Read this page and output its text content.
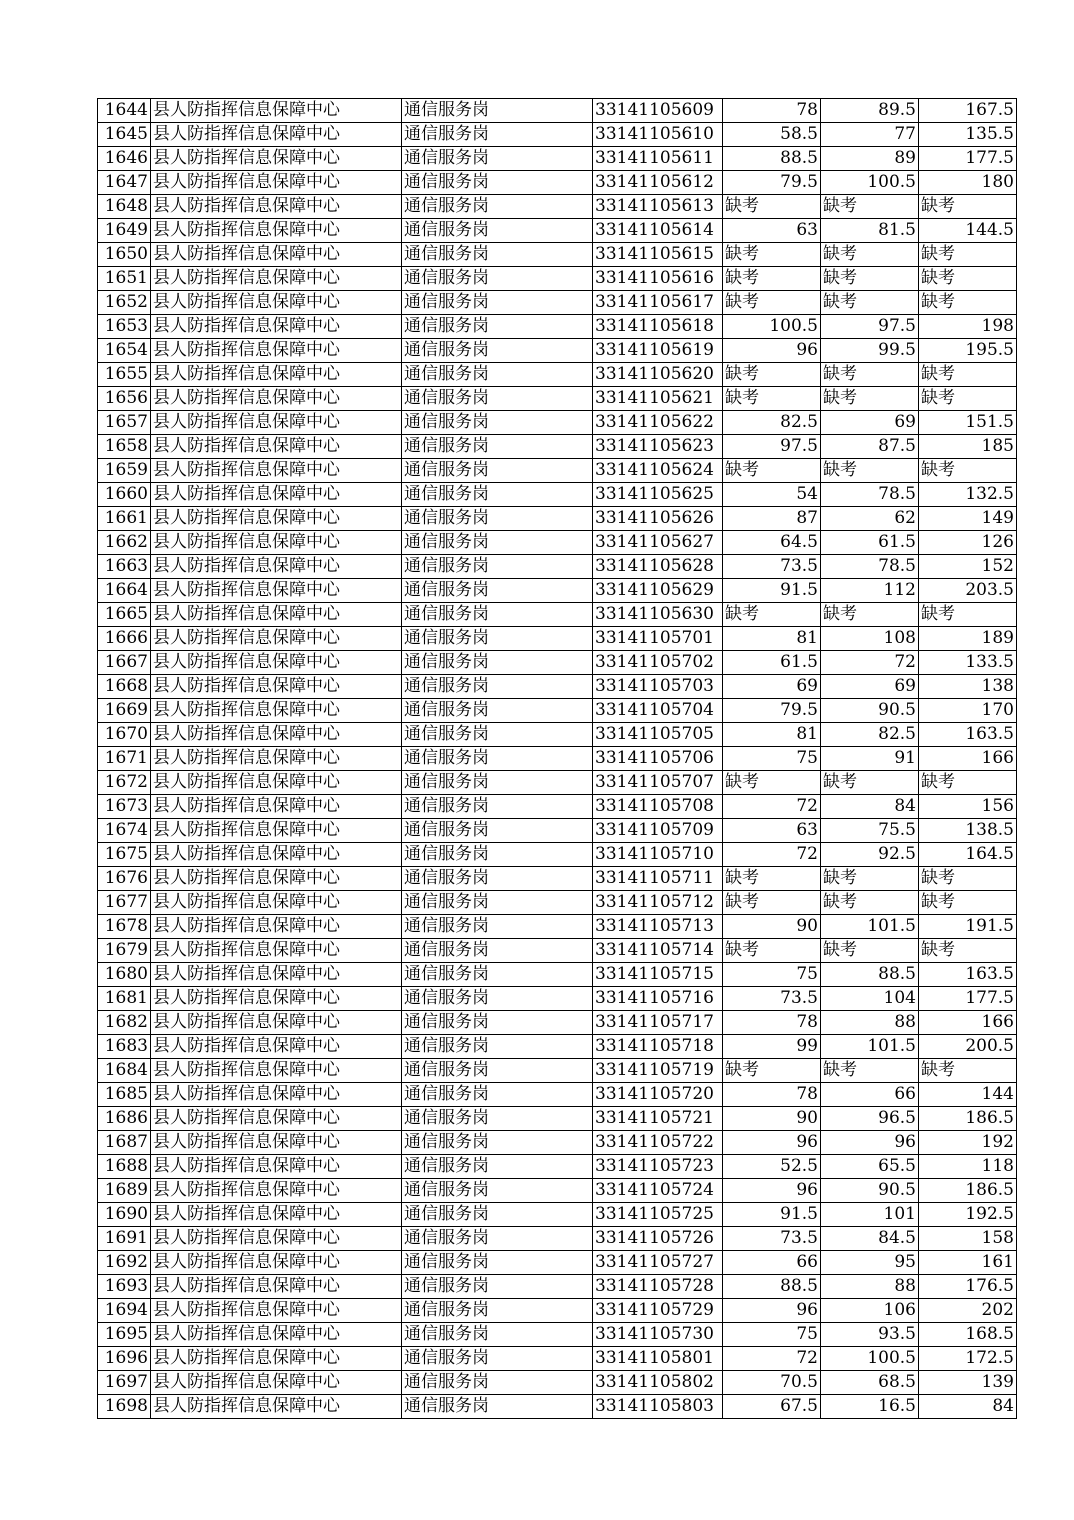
1644	县人防指挥信息保障中心	通信服务岗	33141105609	78	89.5	167.5
1645	县人防指挥信息保障中心	通信服务岗	33141105610	58.5	77	135.5
1646	县人防指挥信息保障中心	通信服务岗	33141105611	88.5	89	177.5
1647	县人防指挥信息保障中心	通信服务岗	33141105612	79.5	100.5	180
1648	县人防指挥信息保障中心	通信服务岗	33141105613	缺考	缺考	缺考
1649	县人防指挥信息保障中心	通信服务岗	33141105614	63	81.5	144.5
1650	县人防指挥信息保障中心	通信服务岗	33141105615	缺考	缺考	缺考
1651	县人防指挥信息保障中心	通信服务岗	33141105616	缺考	缺考	缺考
1652	县人防指挥信息保障中心	通信服务岗	33141105617	缺考	缺考	缺考
1653	县人防指挥信息保障中心	通信服务岗	33141105618	100.5	97.5	198
1654	县人防指挥信息保障中心	通信服务岗	33141105619	96	99.5	195.5
1655	县人防指挥信息保障中心	通信服务岗	33141105620	缺考	缺考	缺考
1656	县人防指挥信息保障中心	通信服务岗	33141105621	缺考	缺考	缺考
1657	县人防指挥信息保障中心	通信服务岗	33141105622	82.5	69	151.5
1658	县人防指挥信息保障中心	通信服务岗	33141105623	97.5	87.5	185
1659	县人防指挥信息保障中心	通信服务岗	33141105624	缺考	缺考	缺考
1660	县人防指挥信息保障中心	通信服务岗	33141105625	54	78.5	132.5
1661	县人防指挥信息保障中心	通信服务岗	33141105626	87	62	149
1662	县人防指挥信息保障中心	通信服务岗	33141105627	64.5	61.5	126
1663	县人防指挥信息保障中心	通信服务岗	33141105628	73.5	78.5	152
1664	县人防指挥信息保障中心	通信服务岗	33141105629	91.5	112	203.5
1665	县人防指挥信息保障中心	通信服务岗	33141105630	缺考	缺考	缺考
1666	县人防指挥信息保障中心	通信服务岗	33141105701	81	108	189
1667	县人防指挥信息保障中心	通信服务岗	33141105702	61.5	72	133.5
1668	县人防指挥信息保障中心	通信服务岗	33141105703	69	69	138
1669	县人防指挥信息保障中心	通信服务岗	33141105704	79.5	90.5	170
1670	县人防指挥信息保障中心	通信服务岗	33141105705	81	82.5	163.5
1671	县人防指挥信息保障中心	通信服务岗	33141105706	75	91	166
1672	县人防指挥信息保障中心	通信服务岗	33141105707	缺考	缺考	缺考
1673	县人防指挥信息保障中心	通信服务岗	33141105708	72	84	156
1674	县人防指挥信息保障中心	通信服务岗	33141105709	63	75.5	138.5
1675	县人防指挥信息保障中心	通信服务岗	33141105710	72	92.5	164.5
1676	县人防指挥信息保障中心	通信服务岗	33141105711	缺考	缺考	缺考
1677	县人防指挥信息保障中心	通信服务岗	33141105712	缺考	缺考	缺考
1678	县人防指挥信息保障中心	通信服务岗	33141105713	90	101.5	191.5
1679	县人防指挥信息保障中心	通信服务岗	33141105714	缺考	缺考	缺考
1680	县人防指挥信息保障中心	通信服务岗	33141105715	75	88.5	163.5
1681	县人防指挥信息保障中心	通信服务岗	33141105716	73.5	104	177.5
1682	县人防指挥信息保障中心	通信服务岗	33141105717	78	88	166
1683	县人防指挥信息保障中心	通信服务岗	33141105718	99	101.5	200.5
1684	县人防指挥信息保障中心	通信服务岗	33141105719	缺考	缺考	缺考
1685	县人防指挥信息保障中心	通信服务岗	33141105720	78	66	144
1686	县人防指挥信息保障中心	通信服务岗	33141105721	90	96.5	186.5
1687	县人防指挥信息保障中心	通信服务岗	33141105722	96	96	192
1688	县人防指挥信息保障中心	通信服务岗	33141105723	52.5	65.5	118
1689	县人防指挥信息保障中心	通信服务岗	33141105724	96	90.5	186.5
1690	县人防指挥信息保障中心	通信服务岗	33141105725	91.5	101	192.5
1691	县人防指挥信息保障中心	通信服务岗	33141105726	73.5	84.5	158
1692	县人防指挥信息保障中心	通信服务岗	33141105727	66	95	161
1693	县人防指挥信息保障中心	通信服务岗	33141105728	88.5	88	176.5
1694	县人防指挥信息保障中心	通信服务岗	33141105729	96	106	202
1695	县人防指挥信息保障中心	通信服务岗	33141105730	75	93.5	168.5
1696	县人防指挥信息保障中心	通信服务岗	33141105801	72	100.5	172.5
1697	县人防指挥信息保障中心	通信服务岗	33141105802	70.5	68.5	139
1698	县人防指挥信息保障中心	通信服务岗	33141105803	67.5	16.5	84
